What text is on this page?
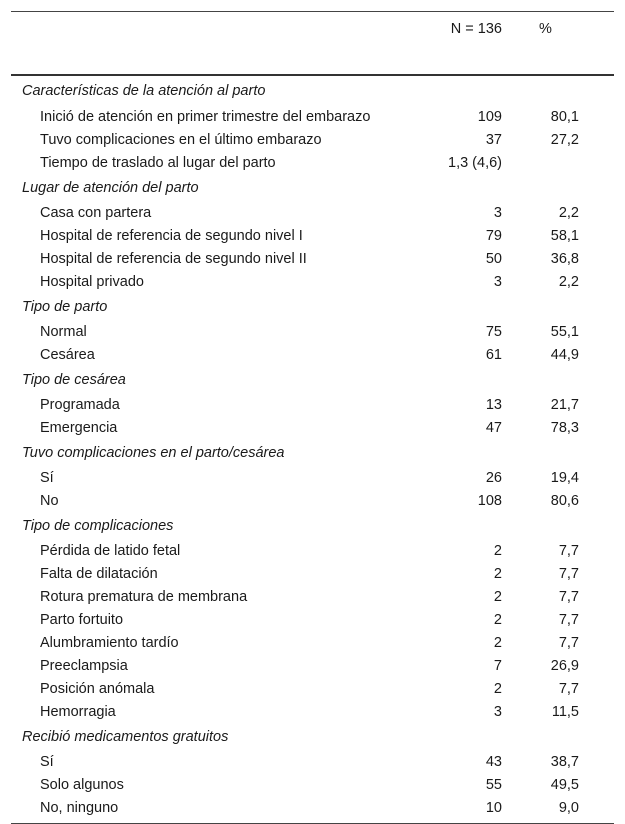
	N = 136	%
Características de la atención al parto		
Inició de atención en primer trimestre del embarazo	109	80,1
Tuvo complicaciones en el último embarazo	37	27,2
Tiempo de traslado al lugar del parto	1,3 (4,6)	
Lugar de atención del parto		
Casa con partera	3	2,2
Hospital de referencia de segundo nivel I	79	58,1
Hospital de referencia de segundo nivel II	50	36,8
Hospital privado	3	2,2
Tipo de parto		
Normal	75	55,1
Cesárea	61	44,9
Tipo de cesárea		
Programada	13	21,7
Emergencia	47	78,3
Tuvo complicaciones en el parto/cesárea		
Sí	26	19,4
No	108	80,6
Tipo de complicaciones		
Pérdida de latido fetal	2	7,7
Falta de dilatación	2	7,7
Rotura prematura de membrana	2	7,7
Parto fortuito	2	7,7
Alumbramiento tardío	2	7,7
Preeclampsia	7	26,9
Posición anómala	2	7,7
Hemorragia	3	11,5
Recibió medicamentos gratuitos		
Sí	43	38,7
Solo algunos	55	49,5
No, ninguno	10	9,0
